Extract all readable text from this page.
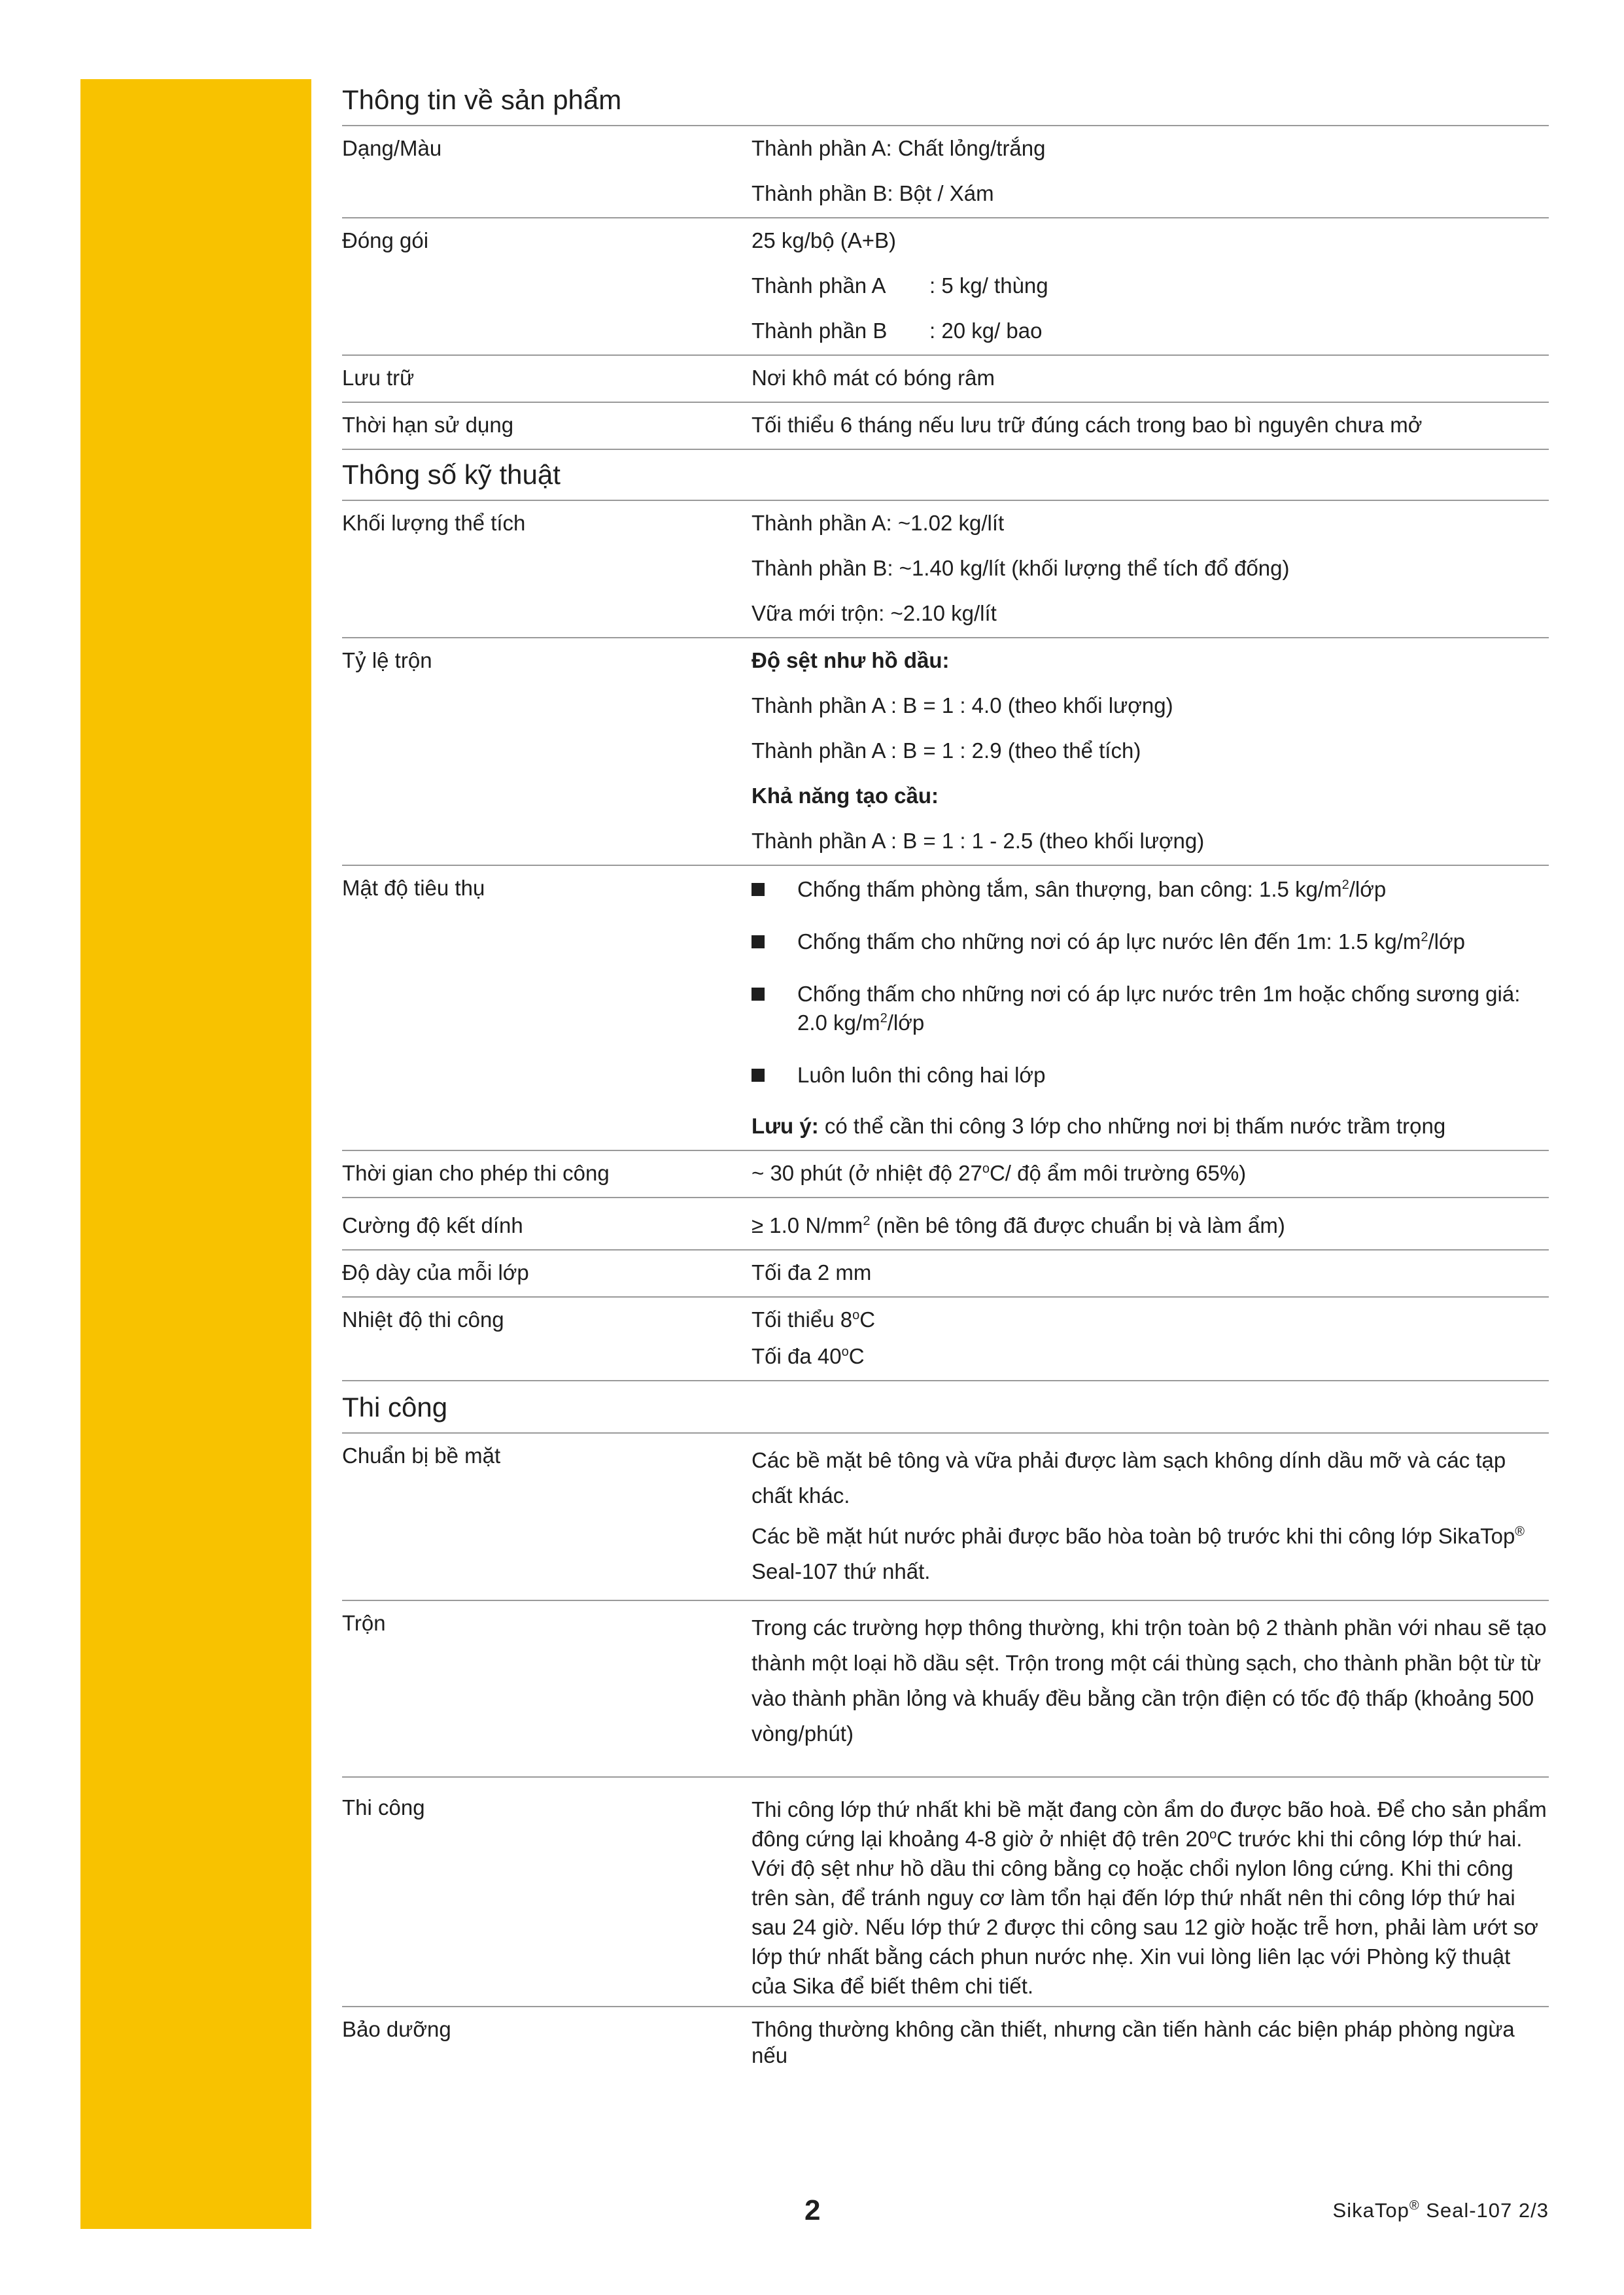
Thông tin về sản phẩm
Dạng/Màu	Thành phần A: Chất lỏng/trắng
Thành phần B: Bột / Xám
Đóng gói	25 kg/bộ (A+B)
Thành phần A : 5 kg/ thùng
Thành phần B : 20 kg/ bao
Lưu trữ	Nơi khô mát có bóng râm
Thời hạn sử dụng	Tối thiểu 6 tháng nếu lưu trữ đúng cách trong bao bì nguyên chưa mở
Thông số kỹ thuật
Khối lượng thể tích	Thành phần A: ~1.02 kg/lít
Thành phần B: ~1.40 kg/lít (khối lượng thể tích đổ đống)
Vữa mới trộn: ~2.10 kg/lít
Tỷ lệ trộn	Độ sệt như hồ dầu:
Thành phần A : B = 1 : 4.0 (theo khối lượng)
Thành phần A : B = 1 : 2.9 (theo thể tích)
Khả năng tạo cầu:
Thành phần A : B = 1 : 1 - 2.5 (theo khối lượng)
Mật độ tiêu thụ	Chống thấm phòng tắm, sân thượng, ban công: 1.5 $kg/m^2$/lớp
Chống thấm cho những nơi có áp lực nước lên đến 1m: 1.5 $kg/m^2$/lớp
Chống thấm cho những nơi có áp lực nước trên 1m hoặc chống sương giá: 2.0 $kg/m^2$/lớp
Luôn luôn thi công hai lớp
Lưu ý: có thể cần thi công 3 lớp cho những nơi bị thấm nước trầm trọng
Thời gian cho phép thi công	~ 30 phút (ở nhiệt độ 27$^o$C/ độ ẩm môi trường 65%)
Cường độ kết dính	≥ 1.0 $N/mm^2$ (nền bê tông đã được chuẩn bị và làm ẩm)
Độ dày của mỗi lớp	Tối đa 2 mm
Nhiệt độ thi công	Tối thiểu 8$^o$C
Tối đa 40$^o$C
Thi công
Chuẩn bị bề mặt	Các bề mặt bê tông và vữa phải được làm sạch không dính dầu mỡ và các tạp chất khác.
Các bề mặt hút nước phải được bão hòa toàn bộ trước khi thi công lớp SikaTop® Seal-107 thứ nhất.
Trộn	Trong các trường hợp thông thường, khi trộn toàn bộ 2 thành phần với nhau sẽ tạo thành một loại hồ dầu sệt. Trộn trong một cái thùng sạch, cho thành phần bột từ từ vào thành phần lỏng và khuấy đều bằng cần trộn điện có tốc độ thấp (khoảng 500 vòng/phút)
Thi công	Thi công lớp thứ nhất khi bề mặt đang còn ẩm do được bão hoà. Để cho sản phẩm đông cứng lại khoảng 4-8 giờ ở nhiệt độ trên 20$^o$C trước khi thi công lớp thứ hai. Với độ sệt như hồ dầu thi công bằng cọ hoặc chổi nylon lông cứng. Khi thi công trên sàn, để tránh nguy cơ làm tổn hại đến lớp thứ nhất nên thi công lớp thứ hai sau 24 giờ. Nếu lớp thứ 2 được thi công sau 12 giờ hoặc trễ hơn, phải làm ướt sơ lớp thứ nhất bằng cách phun nước nhẹ. Xin vui lòng liên lạc với Phòng kỹ thuật của Sika để biết thêm chi tiết.
Bảo dưỡng	Thông thường không cần thiết, nhưng cần tiến hành các biện pháp phòng ngừa nếu
2	SikaTop® Seal-107 2/3
